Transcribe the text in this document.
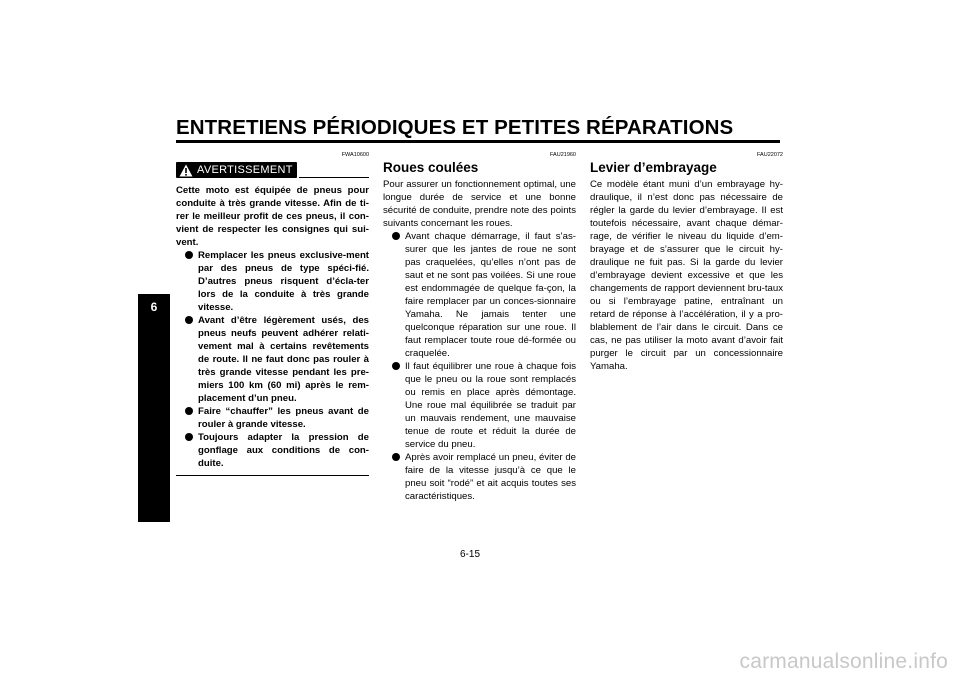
ENTRETIENS PÉRIODIQUES ET PETITES RÉPARATIONS
6
FWA10600
AVERTISSEMENT

Cette moto est équipée de pneus pour conduite à très grande vitesse. Afin de ti-rer le meilleur profit de ces pneus, il con-vient de respecter les consignes qui sui-vent.

Remplacer les pneus exclusive-ment par des pneus de type spéci-fié. D’autres pneus risquent d’écla-ter lors de la conduite à très grande vitesse.
Avant d’être légèrement usés, des pneus neufs peuvent adhérer relati-vement mal à certains revêtements de route. Il ne faut donc pas rouler à très grande vitesse pendant les pre-miers 100 km (60 mi) après le rem-placement d’un pneu.
Faire “chauffer” les pneus avant de rouler à grande vitesse.
Toujours adapter la pression de gonflage aux conditions de con-duite.
FAU21960
Roues coulées

Pour assurer un fonctionnement optimal, une longue durée de service et une bonne sécurité de conduite, prendre note des points suivants concernant les roues.

Avant chaque démarrage, il faut s’as-surer que les jantes de roue ne sont pas craquelées, qu’elles n’ont pas de saut et ne sont pas voilées. Si une roue est endommagée de quelque fa-çon, la faire remplacer par un conces-sionnaire Yamaha. Ne jamais tenter une quelconque réparation sur une roue. Il faut remplacer toute roue dé-formée ou craquelée.
Il faut équilibrer une roue à chaque fois que le pneu ou la roue sont remplacés ou remis en place après démontage. Une roue mal équilibrée se traduit par un mauvais rendement, une mauvaise tenue de route et réduit la durée de service du pneu.
Après avoir remplacé un pneu, éviter de faire de la vitesse jusqu’à ce que le pneu soit “rodé” et ait acquis toutes ses caractéristiques.
FAU22072
Levier d’embrayage

Ce modèle étant muni d’un embrayage hy-draulique, il n’est donc pas nécessaire de régler la garde du levier d’embrayage. Il est toutefois nécessaire, avant chaque démar-rage, de vérifier le niveau du liquide d’em-brayage et de s’assurer que le circuit hy-draulique ne fuit pas. Si la garde du levier d’embrayage devient excessive et que les changements de rapport deviennent bru-taux ou si l’embrayage patine, entraînant un retard de réponse à l’accélération, il y a pro-blablement de l’air dans le circuit. Dans ce cas, ne pas utiliser la moto avant d’avoir fait purger le circuit par un concessionnaire Yamaha.

6-15
carmanualsonline.info
